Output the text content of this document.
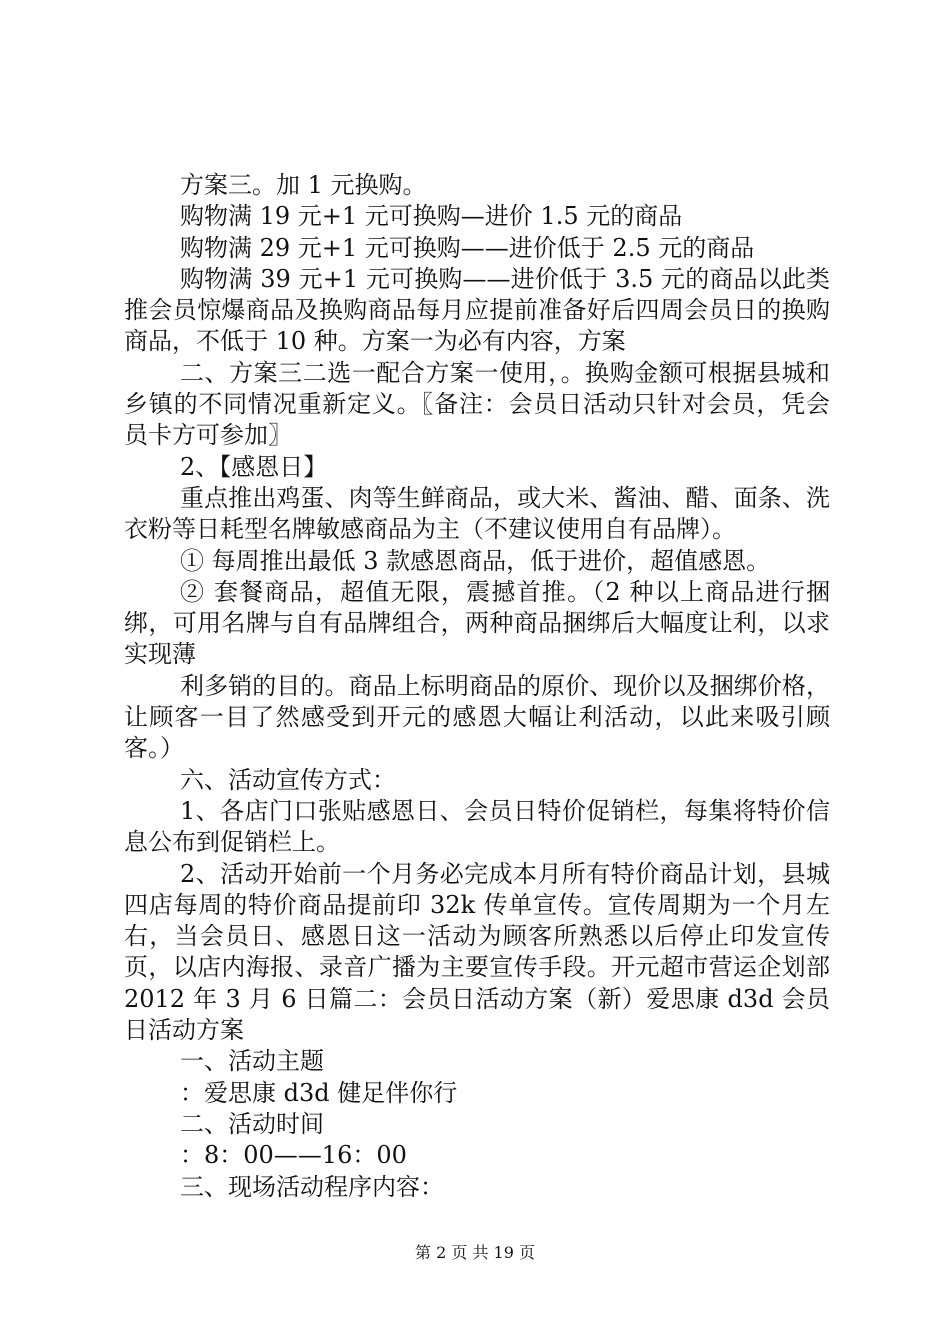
方案三。加 1 元换购。

购物满 19 元+1 元可换购—进价 1.5 元的商品

购物满 29 元+1 元可换购——进价低于 2.5 元的商品

购物满 39 元+1 元可换购——进价低于 3.5 元的商品以此类推会员惊爆商品及换购商品每月应提前准备好后四周会员日的换购商品，不低于 10 种。方案一为必有内容，方案

二、方案三二选一配合方案一使用，。换购金额可根据县城和乡镇的不同情况重新定义。〖备注：会员日活动只针对会员，凭会员卡方可参加〗

2、【感恩日】

重点推出鸡蛋、肉等生鲜商品，或大米、酱油、醋、面条、洗衣粉等日耗型名牌敏感商品为主（不建议使用自有品牌）。

① 每周推出最低 3 款感恩商品，低于进价，超值感恩。

② 套餐商品，超值无限，震撼首推。（2 种以上商品进行捆绑，可用名牌与自有品牌组合，两种商品捆绑后大幅度让利，以求实现薄

利多销的目的。商品上标明商品的原价、现价以及捆绑价格，让顾客一目了然感受到开元的感恩大幅让利活动，以此来吸引顾客。）

六、活动宣传方式：

1、各店门口张贴感恩日、会员日特价促销栏，每集将特价信息公布到促销栏上。

2、活动开始前一个月务必完成本月所有特价商品计划，县城四店每周的特价商品提前印 32k 传单宣传。宣传周期为一个月左右，当会员日、感恩日这一活动为顾客所熟悉以后停止印发宣传页，以店内海报、录音广播为主要宣传手段。开元超市营运企划部 2012 年 3 月 6 日篇二：会员日活动方案（新）爱思康 d3d 会员日活动方案

一、活动主题

：爱思康 d3d 健足伴你行

二、活动时间

：8：00——16：00

三、现场活动程序内容：

第 2 页 共 19 页
